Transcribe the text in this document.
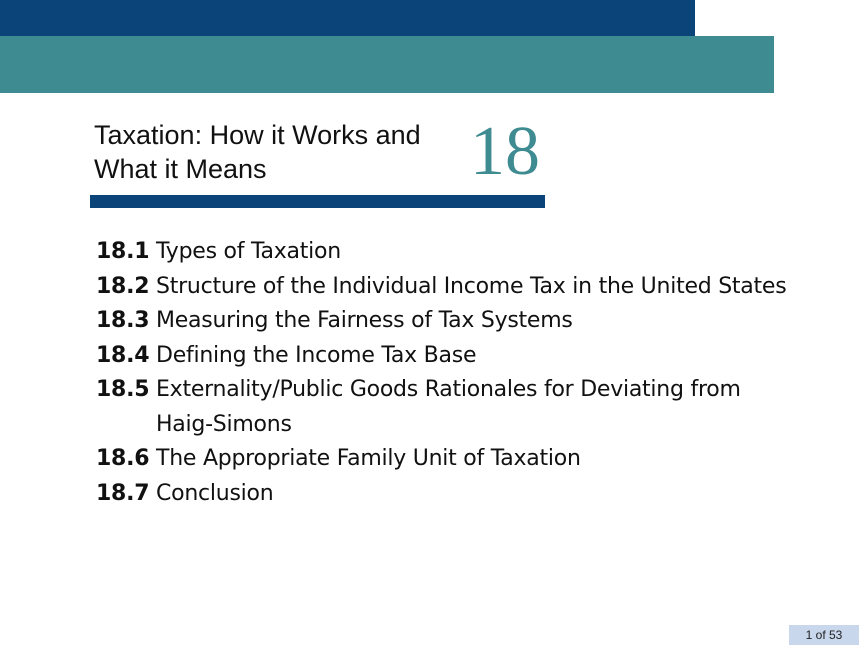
Taxation: How it Works and
What it Means	18
18.1 Types of Taxation
18.2 Structure of the Individual Income Tax in the United States
18.3 Measuring the Fairness of Tax Systems
18.4 Defining the Income Tax Base
18.5 Externality/Public Goods Rationales for Deviating from Haig-Simons
18.6 The Appropriate Family Unit of Taxation
18.7 Conclusion
1 of 53
